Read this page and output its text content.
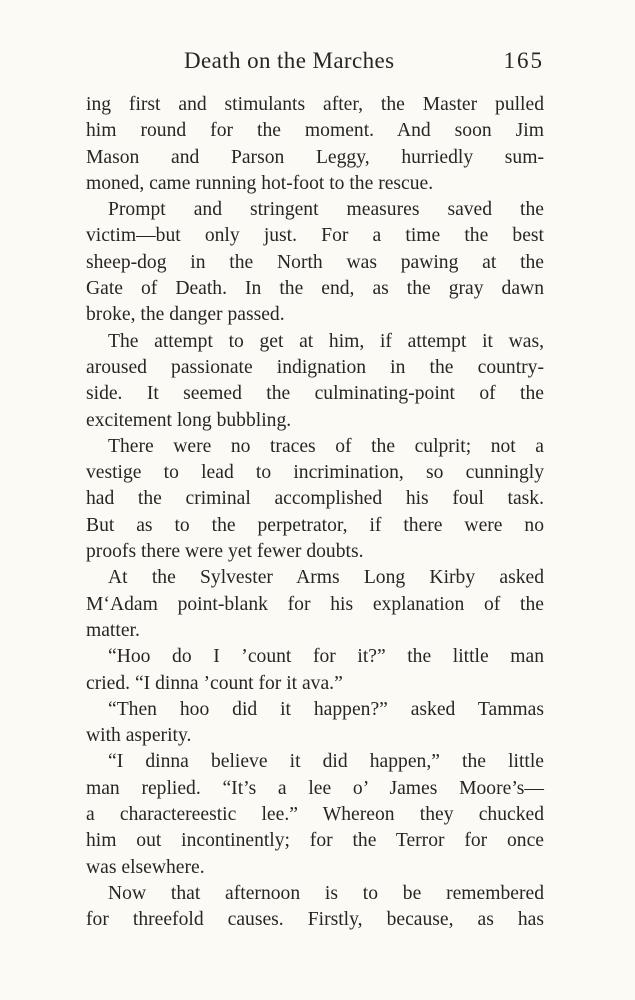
Death on the Marches	165
ing first and stimulants after, the Master pulled
him round for the moment. And soon Jim
Mason and Parson Leggy, hurriedly sum-
moned, came running hot-foot to the rescue.
Prompt and stringent measures saved the
victim—but only just. For a time the best
sheep-dog in the North was pawing at the
Gate of Death. In the end, as the gray dawn
broke, the danger passed.
The attempt to get at him, if attempt it was,
aroused passionate indignation in the country-
side. It seemed the culminating-point of the
excitement long bubbling.
There were no traces of the culprit; not a
vestige to lead to incrimination, so cunningly
had the criminal accomplished his foul task.
But as to the perpetrator, if there were no
proofs there were yet fewer doubts.
At the Sylvester Arms Long Kirby asked
M‘Adam point-blank for his explanation of the
matter.
“Hoo do I ’count for it?” the little man
cried. “I dinna ’count for it ava.”
“Then hoo did it happen?” asked Tammas
with asperity.
“I dinna believe it did happen,” the little
man replied. “It’s a lee o’ James Moore’s—
a charactereestic lee.” Whereon they chucked
him out incontinently; for the Terror for once
was elsewhere.
Now that afternoon is to be remembered
for threefold causes. Firstly, because, as has
